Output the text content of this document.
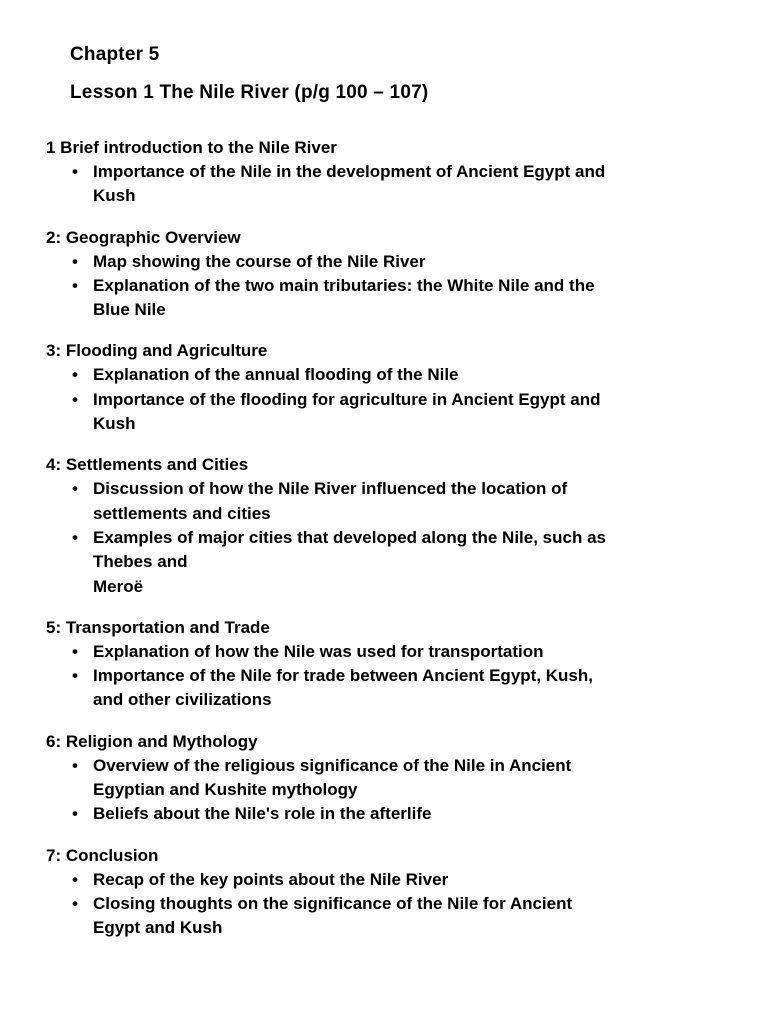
Chapter 5
Lesson 1 The Nile River (p/g 100 – 107)
1 Brief introduction to the Nile River
• Importance of the Nile in the development of Ancient Egypt and
Kush
2: Geographic Overview
• Map showing the course of the Nile River
• Explanation of the two main tributaries: the White Nile and the
Blue Nile
3: Flooding and Agriculture
• Explanation of the annual flooding of the Nile
• Importance of the flooding for agriculture in Ancient Egypt and
Kush
4: Settlements and Cities
• Discussion of how the Nile River influenced the location of
settlements and cities
• Examples of major cities that developed along the Nile, such as
Thebes and
Meroë
5: Transportation and Trade
• Explanation of how the Nile was used for transportation
• Importance of the Nile for trade between Ancient Egypt, Kush,
and other civilizations
6: Religion and Mythology
• Overview of the religious significance of the Nile in Ancient
Egyptian and Kushite mythology
• Beliefs about the Nile's role in the afterlife
7: Conclusion
• Recap of the key points about the Nile River
• Closing thoughts on the significance of the Nile for Ancient
Egypt and Kush
